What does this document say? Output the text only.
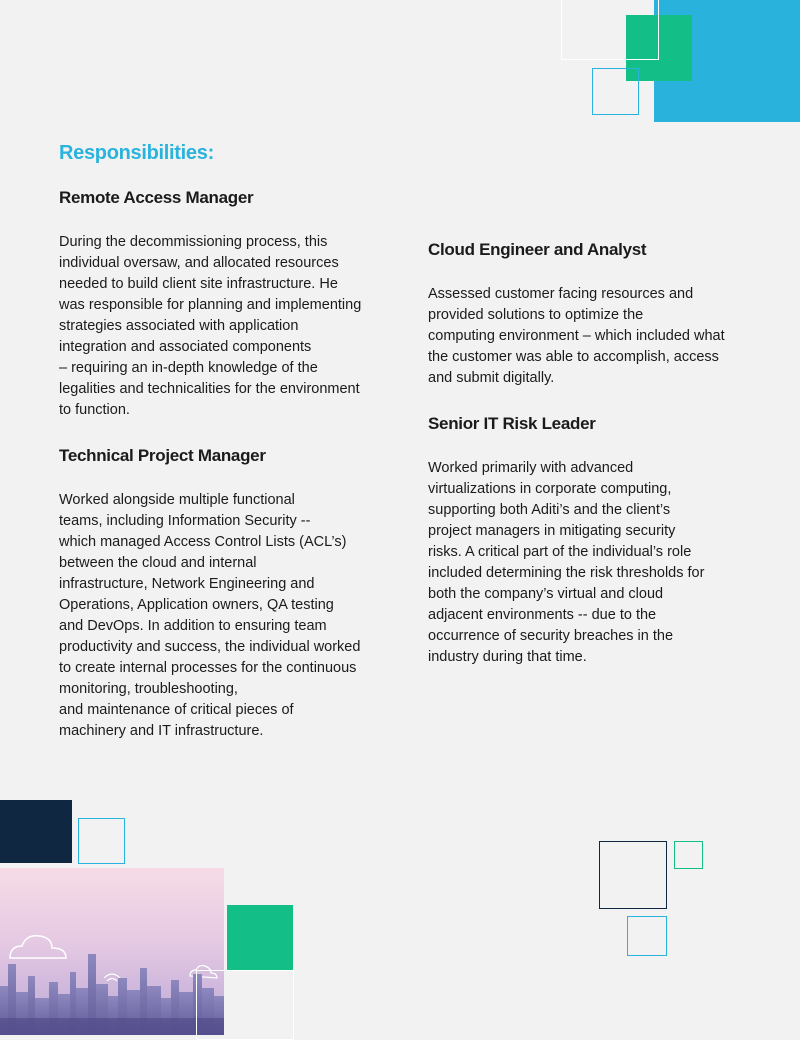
Responsibilities:
Remote Access Manager

During the decommissioning process, this
individual oversaw, and allocated resources
needed to build client site infrastructure. He
was responsible for planning and implementing
strategies associated with application
integration and associated components
– requiring an in-depth knowledge of the
legalities and technicalities for the environment
to function.

Technical Project Manager

Worked alongside multiple functional
teams, including Information Security --
which managed Access Control Lists (ACL’s)
between the cloud and internal
infrastructure, Network Engineering and
Operations, Application owners, QA testing
and DevOps. In addition to ensuring team
productivity and success, the individual worked
to create internal processes for the continuous
monitoring, troubleshooting,
and maintenance of critical pieces of
machinery and IT infrastructure.

Cloud Engineer and Analyst

Assessed customer facing resources and
provided solutions to optimize the
computing environment – which included what
the customer was able to accomplish, access
and submit digitally.

Senior IT Risk Leader

Worked primarily with advanced
virtualizations in corporate computing,
supporting both Aditi’s and the client’s
project managers in mitigating security
risks. A critical part of the individual’s role
included determining the risk thresholds for
both the company’s virtual and cloud
adjacent environments -- due to the
occurrence of security breaches in the
industry during that time.
